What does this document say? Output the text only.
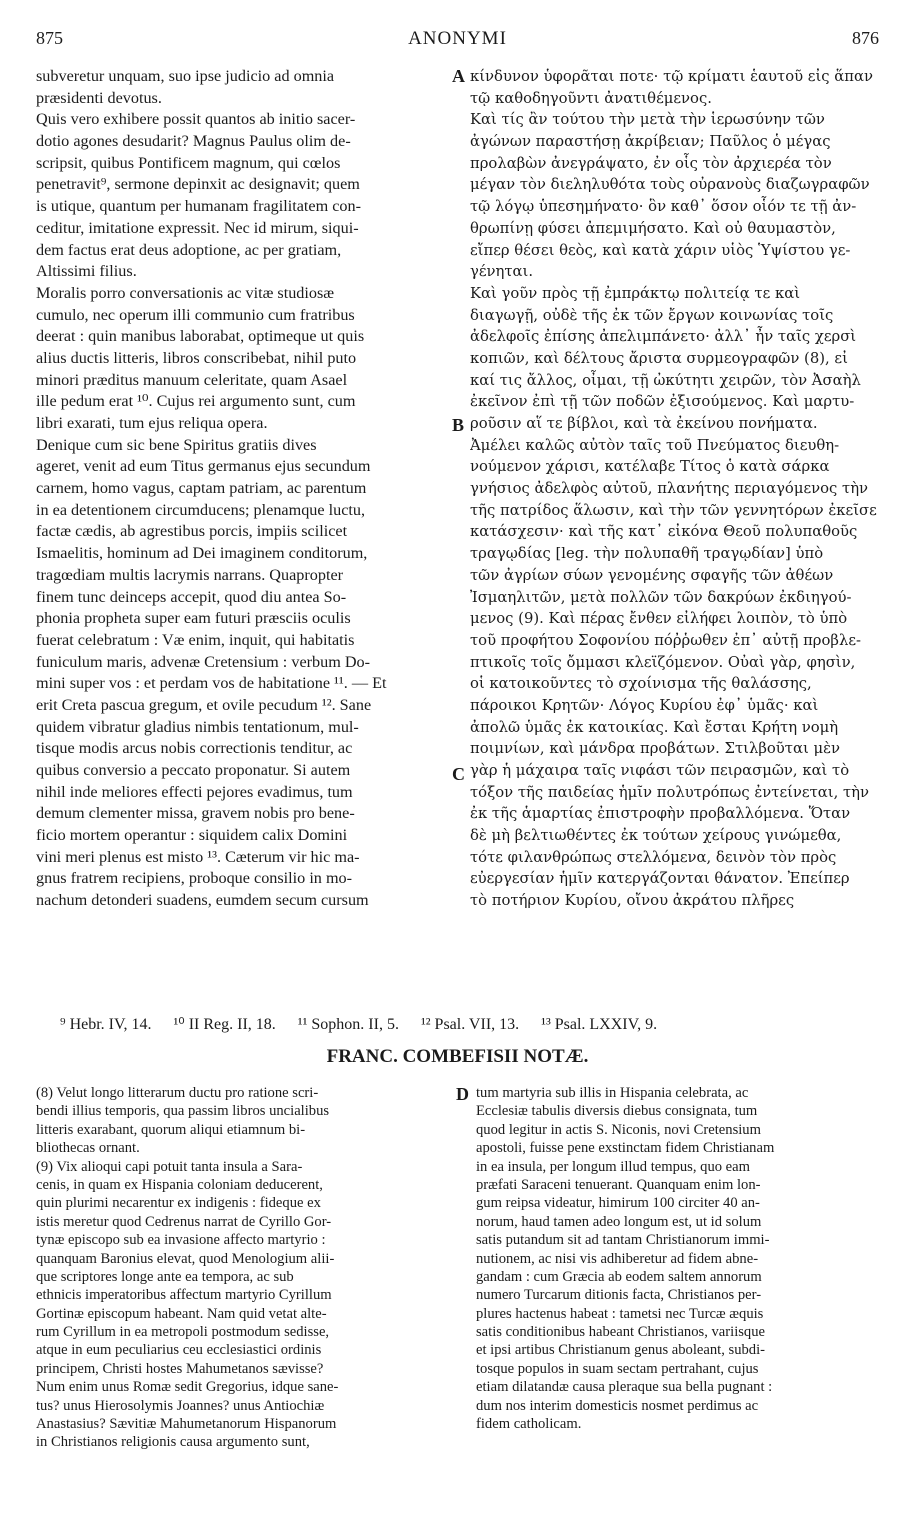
875	ANONYMI	876
subveretur unquam, suo ipse judicio ad omnia
præsidenti devotus.
Quis vero exhibere possit quantos ab initio sacer-
dotio agones desudarit? Magnus Paulus olim de-
scripsit, quibus Pontificem magnum, qui cœlos
penetravit⁹, sermone depinxit ac designavit; quem
is utique, quantum per humanam fragilitatem con-
ceditur, imitatione expressit. Nec id mirum, siqui-
dem factus erat deus adoptione, ac per gratiam,
Altissimi filius.
Moralis porro conversationis ac vitæ studiosæ
cumulo, nec operum illi communio cum fratribus
deerat : quin manibus laborabat, optimeque ut quis
alius ductis litteris, libros conscribebat, nihil puto
minori præditus manuum celeritate, quam Asael
ille pedum erat ¹⁰. Cujus rei argumento sunt, cum
libri exarati, tum ejus reliqua opera.
Denique cum sic bene Spiritus gratiis dives
ageret, venit ad eum Titus germanus ejus secundum
carnem, homo vagus, captam patriam, ac parentum
in ea detentionem circumducens; plenamque luctu,
factæ cædis, ab agrestibus porcis, impiis scilicet
Ismaelitis, hominum ad Dei imaginem conditorum,
tragœdiam multis lacrymis narrans. Quapropter
finem tunc deinceps accepit, quod diu antea So-
phonia propheta super eam futuri præsciis oculis
fuerat celebratum : Væ enim, inquit, qui habitatis
funiculum maris, advenæ Cretensium : verbum Do-
mini super vos : et perdam vos de habitatione ¹¹. — Et
erit Creta pascua gregum, et ovile pecudum ¹². Sane
quidem vibratur gladius nimbis tentationum, mul-
tisque modis arcus nobis correctionis tenditur, ac
quibus conversio a peccato proponatur. Si autem
nihil inde meliores effecti pejores evadimus, tum
demum clementer missa, gravem nobis pro bene-
ficio mortem operantur : siquidem calix Domini
vini meri plenus est misto ¹³. Cæterum vir hic ma-
gnus fratrem recipiens, proboque consilio in mo-
nachum detonderi suadens, eumdem secum cursum
κίνδυνον ὑφορᾶται ποτε· τῷ κρίματι ἑαυτοῦ εἰς ἅπαν
τῷ καθοδηγοῦντι ἀνατιθέμενος.
Καὶ τίς ἂν τούτου τὴν μετὰ τὴν ἱερωσύνην τῶν
ἀγώνων παραστήσῃ ἀκρίβειαν; Παῦλος ὁ μέγας
προλαβὼν ἀνεγράψατο, ἐν οἷς τὸν ἀρχιερέα τὸν
μέγαν τὸν διεληλυθότα τοὺς οὐρανοὺς διαζωγραφῶν
τῷ λόγῳ ὑπεσημήνατο· ὃν καθ᾽ ὅσον οἷόν τε τῇ ἀν-
θρωπίνῃ φύσει ἀπεμιμήσατο. Καὶ οὐ θαυμαστὸν,
εἴπερ θέσει θεὸς, καὶ κατὰ χάριν υἱὸς Ὑψίστου γε-
γένηται.
Καὶ γοῦν πρὸς τῇ ἐμπράκτῳ πολιτείᾳ τε καὶ
διαγωγῇ, οὐδὲ τῆς ἐκ τῶν ἔργων κοινωνίας τοῖς
ἀδελφοῖς ἐπίσης ἀπελιμπάνετο· ἀλλ᾽ ἦν ταῖς χερσὶ
κοπιῶν, καὶ δέλτους ἄριστα συρμεογραφῶν (8), εἰ
καί τις ἄλλος, οἶμαι, τῇ ὠκύτητι χειρῶν, τὸν Ἀσαὴλ
ἐκεῖνον ἐπὶ τῇ τῶν ποδῶν ἐξισούμενος. Καὶ μαρτυ-
ροῦσιν αἵ τε βίβλοι, καὶ τὰ ἐκείνου πονήματα.
Ἀμέλει καλῶς αὐτὸν ταῖς τοῦ Πνεύματος διευθη-
νούμενον χάρισι, κατέλαβε Τίτος ὁ κατὰ σάρκα
γνήσιος ἀδελφὸς αὐτοῦ, πλανήτης περιαγόμενος τὴν
τῆς πατρίδος ἅλωσιν, καὶ τὴν τῶν γεννητόρων ἐκεῖσε
κατάσχεσιν· καὶ τῆς κατ᾽ εἰκόνα Θεοῦ πολυπαθοῦς
τραγῳδίας [leg. τὴν πολυπαθῆ τραγῳδίαν] ὑπὸ
τῶν ἀγρίων σύων γενομένης σφαγῆς τῶν ἀθέων
Ἰσμαηλιτῶν, μετὰ πολλῶν τῶν δακρύων ἐκδιηγού-
μενος (9). Καὶ πέρας ἔνθεν εἰλήφει λοιπὸν, τὸ ὑπὸ
τοῦ προφήτου Σοφονίου πόῤῥωθεν ἐπ᾽ αὐτῇ προβλε-
πτικοῖς τοῖς ὄμμασι κλεϊζόμενον. Οὐαὶ γὰρ, φησὶν,
οἱ κατοικοῦντες τὸ σχοίνισμα τῆς θαλάσσης,
πάροικοι Κρητῶν· Λόγος Κυρίου ἐφ᾽ ὑμᾶς· καὶ
ἀπολῶ ὑμᾶς ἐκ κατοικίας. Καὶ ἔσται Κρήτη νομὴ
ποιμνίων, καὶ μάνδρα προβάτων. Στιλβοῦται μὲν
γὰρ ἡ μάχαιρα ταῖς νιφάσι τῶν πειρασμῶν, καὶ τὸ
τόξον τῆς παιδείας ἡμῖν πολυτρόπως ἐντείνεται, τὴν
ἐκ τῆς ἁμαρτίας ἐπιστροφὴν προβαλλόμενα. Ὅταν
δὲ μὴ βελτιωθέντες ἐκ τούτων χείρους γινώμεθα,
τότε φιλανθρώπως στελλόμενα, δεινὸν τὸν πρὸς
εὐεργεσίαν ἡμῖν κατεργάζονται θάνατον. Ἐπείπερ
τὸ ποτήριον Κυρίου, οἴνου ἀκράτου πλῆρες
A
B
C
D
⁹ Hebr. IV, 14. ¹⁰ II Reg. II, 18. ¹¹ Sophon. II, 5. ¹² Psal. VII, 13. ¹³ Psal. LXXIV, 9.
FRANC. COMBEFISII NOTÆ.
(8) Velut longo litterarum ductu pro ratione scri-
bendi illius temporis, qua passim libros uncialibus
litteris exarabant, quorum aliqui etiamnum bi-
bliothecas ornant.
(9) Vix alioqui capi potuit tanta insula a Sara-
cenis, in quam ex Hispania coloniam deducerent,
quin plurimi necarentur ex indigenis : fideque ex
istis meretur quod Cedrenus narrat de Cyrillo Gor-
tynæ episcopo sub ea invasione affecto martyrio :
quanquam Baronius elevat, quod Menologium alii-
que scriptores longe ante ea tempora, ac sub
ethnicis imperatoribus affectum martyrio Cyrillum
Gortinæ episcopum habeant. Nam quid vetat alte-
rum Cyrillum in ea metropoli postmodum sedisse,
atque in eum peculiarius ceu ecclesiastici ordinis
principem, Christi hostes Mahumetanos sævisse?
Num enim unus Romæ sedit Gregorius, idque sane-
tus? unus Hierosolymis Joannes? unus Antiochiæ
Anastasius? Sævitiæ Mahumetanorum Hispanorum
in Christianos religionis causa argumento sunt,
tum martyria sub illis in Hispania celebrata, ac
Ecclesiæ tabulis diversis diebus consignata, tum
quod legitur in actis S. Niconis, novi Cretensium
apostoli, fuisse pene exstinctam fidem Christianam
in ea insula, per longum illud tempus, quo eam
præfati Saraceni tenuerant. Quanquam enim lon-
gum reipsa videatur, himirum 100 circiter 40 an-
norum, haud tamen adeo longum est, ut id solum
satis putandum sit ad tantam Christianorum immi-
nutionem, ac nisi vis adhiberetur ad fidem abne-
gandam : cum Græcia ab eodem saltem annorum
numero Turcarum ditionis facta, Christianos per-
plures hactenus habeat : tametsi nec Turcæ æquis
satis conditionibus habeant Christianos, variisque
et ipsi artibus Christianum genus aboleant, subdi-
tosque populos in suam sectam pertrahant, cujus
etiam dilatandæ causa pleraque sua bella pugnant :
dum nos interim domesticis nosmet perdimus ac
fidem catholicam.
